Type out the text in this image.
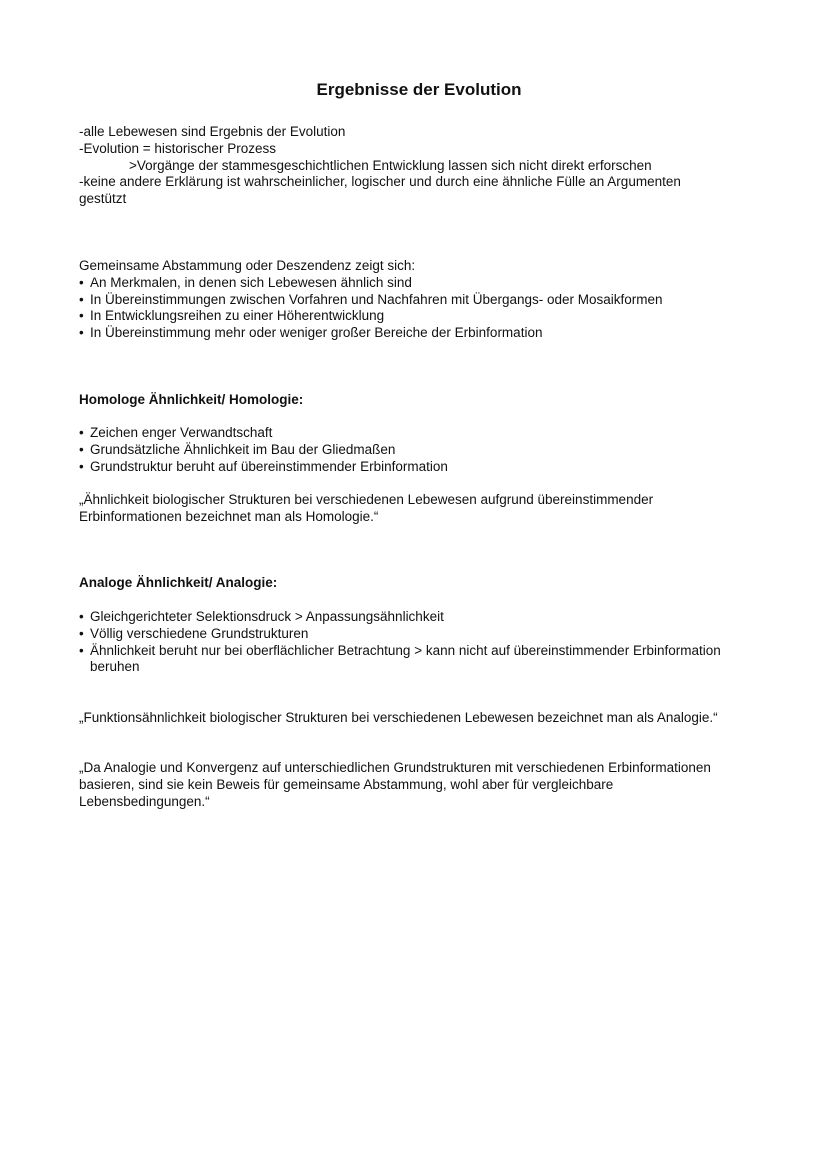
Ergebnisse der Evolution
-alle Lebewesen sind Ergebnis der Evolution
-Evolution = historischer Prozess
>Vorgänge der stammesgeschichtlichen Entwicklung lassen sich nicht direkt erforschen
-keine andere Erklärung ist wahrscheinlicher, logischer und durch eine ähnliche Fülle an Argumenten
gestützt
Gemeinsame Abstammung oder Deszendenz zeigt sich:
• An Merkmalen, in denen sich Lebewesen ähnlich sind
• In Übereinstimmungen zwischen Vorfahren und Nachfahren mit Übergangs- oder Mosaikformen
• In Entwicklungsreihen zu einer Höherentwicklung
• In Übereinstimmung mehr oder weniger großer Bereiche der Erbinformation
Homologe Ähnlichkeit/ Homologie:
• Zeichen enger Verwandtschaft
• Grundsätzliche Ähnlichkeit im Bau der Gliedmaßen
• Grundstruktur beruht auf übereinstimmender Erbinformation
„Ähnlichkeit biologischer Strukturen bei verschiedenen Lebewesen aufgrund übereinstimmender
Erbinformationen bezeichnet man als Homologie.“
Analoge Ähnlichkeit/ Analogie:
• Gleichgerichteter Selektionsdruck > Anpassungsähnlichkeit
• Völlig verschiedene Grundstrukturen
• Ähnlichkeit beruht nur bei oberflächlicher Betrachtung > kann nicht auf übereinstimmender Erbinformation beruhen
„Funktionsähnlichkeit biologischer Strukturen bei verschiedenen Lebewesen bezeichnet man als Analogie.“
„Da Analogie und Konvergenz auf unterschiedlichen Grundstrukturen mit verschiedenen Erbinformationen
basieren, sind sie kein Beweis für gemeinsame Abstammung, wohl aber für vergleichbare
Lebensbedingungen.“
